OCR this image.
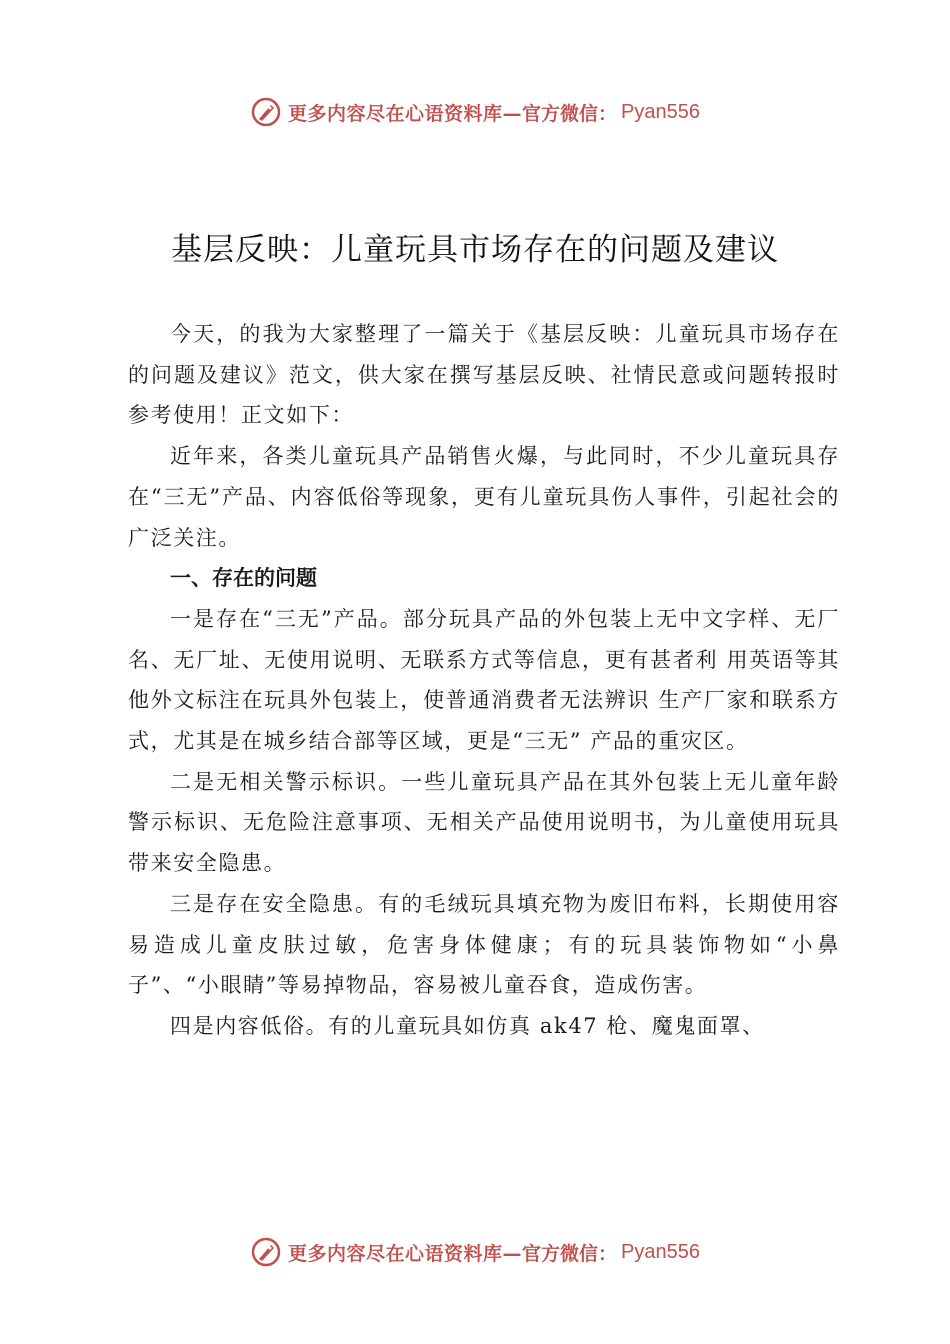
更多内容尽在心语资料库— 官方微信： Pyan556
基层反映：儿童玩具市场存在的问题及建议

今天，的我为大家整理了一篇关于《基层反映：儿童玩具市场存在的问题及建议》范文，供大家在撰写基层反映、社情民意或问题转报时参考使用！正文如下：

近年来，各类儿童玩具产品销售火爆，与此同时，不少儿童玩具存在“三无”产品、内容低俗等现象，更有儿童玩具伤人事件，引起社会的广泛关注。

一、存在的问题

一是存在“三无”产品。部分玩具产品的外包装上无中文字样、无厂名、无厂址、无使用说明、无联系方式等信息，更有甚者利 用英语等其他外文标注在玩具外包装上，使普通消费者无法辨识 生产厂家和联系方式，尤其是在城乡结合部等区域，更是“三无” 产品的重灾区。

二是无相关警示标识。一些儿童玩具产品在其外包装上无儿童年龄警示标识、无危险注意事项、无相关产品使用说明书，为儿童使用玩具带来安全隐患。

三是存在安全隐患。有的毛绒玩具填充物为废旧布料，长期使用容易造成儿童皮肤过敏，危害身体健康；有的玩具装饰物如“小鼻子”、“小眼睛”等易掉物品，容易被儿童吞食，造成伤害。

四是内容低俗。有的儿童玩具如仿真 ak47 枪、魔鬼面罩、

更多内容尽在心语资料库— 官方微信： Pyan556
